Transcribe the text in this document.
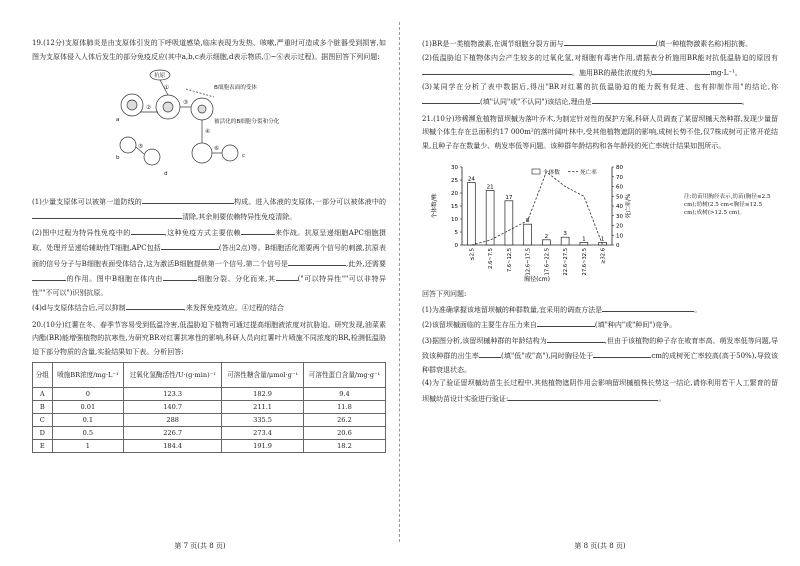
19.(12分)支原体肺炎是由支原体引发的下呼吸道感染,临床表现为发热、咳嗽,严重时可造成多个脏器受到损害,如图为支原体侵入人体后发生的部分免疫反应(其中a,b,c表示细胞,d表示物质,①~⑥表示过程)。据图回答下列问题:

抗原
B细胞表面的受体
被活化的B细胞分裂和分化
a
b	c
d
①
②
③
④
⑤	⑥

(1)少量支原体可以被第一道防线的	构成。进入体液的支原体,一部分可以被体液中的清除,其余则要依赖特异性免疫清除。

(2)图中过程为特异性免疫中的	,这种免疫方式主要依赖	来作战。抗原呈递细胞APC细胞摄取、处理并呈递给辅助性T细胞,APC包括	(答出2点)等。B细胞活化需要两个信号的刺激,抗原表面的信号分子与B细胞表面受体结合,这为激活B细胞提供第一个信号,第二个信号是	,此外,还需要的作用。图中B细胞在体内由	细胞分裂、分化而来,其	("可以特异性""可以非特异性""不可以")识别抗原。

(4)d与支原体结合后,可以抑制	,来发挥免疫效应。④过程的结合

20.(10分)红薯在冬、春季节容易受到低温冷害,低温胁迫下植物可通过提高细胞液浓度对抗胁迫。研究发现,油菜素内酯(BR)能增强植物的抗寒性,为研究BR对红薯抗寒性的影响,科研人员向红薯叶片喷施不同浓度的BR,检测低温胁迫下部分物质的含量,实验结果如下表。分析回答:

分组	喷施BR浓度/mg·L⁻¹	过氧化氢酶活性/U·(g·min)⁻¹	可溶性糖含量/μmol·g⁻¹	可溶性蛋白含量/mg·g⁻¹
A	0	123.3	182.9	9.4
B	0.01	140.7	211.1	11.8
C	0.1	288	335.5	26.2
D	0.5	226.7	273.4	20.6
E	1	184.4	191.9	18.2
第 7 页(共 8 页)

(1)BR是一类植物激素,在调节细胞分裂方面与	(填一种植物激素名称)相抗衡。

(2)低温胁迫下植物体内会产生较多的过氧化氢,对细胞有毒害作用,请据表分析施用BR能对抗低温胁迫的原因有。施用BR的最佳浓度约为	mg·L⁻¹。

(3)某同学在分析了表中数据后,得出"BR对红薯的抗低温胁迫的能力既有促进、也有抑制作用"的结论,你(填"认同"或"不认同")该结论,理由是	。

21.(10分)珍稀濒危植物留坝槭为落叶乔木,为制定针对性的保护方案,科研人员调查了某留坝槭天然种群,发现少量留坝槭个体生存在总面积约17 000m²的落叶阔叶林中,受其他植物遮阴的影响,成树长势不佳,仅7株成树可正常开花结果,且种子存在数量少、萌发率低等问题。该种群年龄结构和各年龄段的死亡率统计结果如图所示。

0
5
10
15
20
25
30
0
10
20
30
40
50
60
70
80
24
≤2.5
21
2.6~7.5
17
7.6~12.5
8
12.6~17.5
2
17.6~22.5
3
22.6~27.5
1
27.6~32.5
1
≥32.6
个体数/株	死亡率/%
胸径(cm)
个体数	死亡率
注:幼苗用胸径表示,幼苗(胸径≤2.5 cm);幼树(2.5 cm<胸径≤12.5 cm);成树(>12.5 cm)。

回答下列问题:

(1)为准确掌握该地留坝槭的种群数量,宜采用的调查方法是	。

(2)该留坝槭面临的主要生存压力来自	(填"种内"或"种间")竞争。

(3)据图分析,该留坝槭种群的年龄结构为	,但由于该植物的种子存在败育率高、萌发率低等问题,导致该种群的出生率	(填"低"或"高"),同时胸径处于	cm的成树死亡率较高(高于50%),导致该种群衰退状态。

(4)为了验证留坝槭幼苗生长过程中,其他植物遮阴作用会影响留坝槭植株长势这一结论,请你利用若干人工繁育的留坝槭幼苗设计实验进行验证:	。

第 8 页(共 8 页)
